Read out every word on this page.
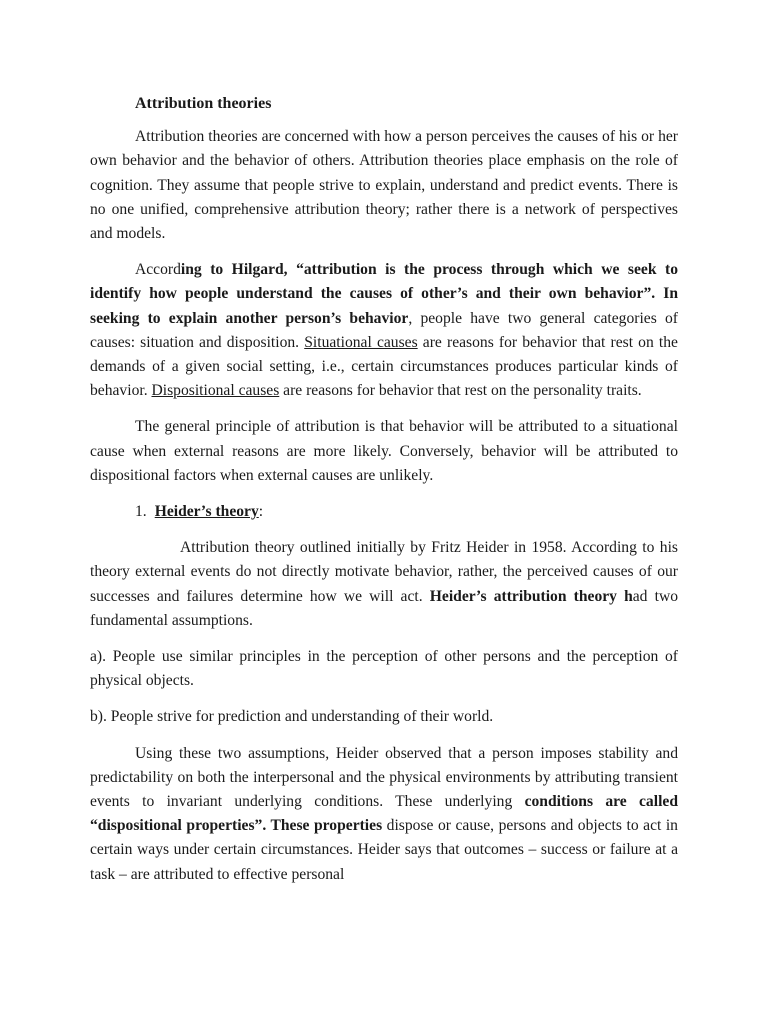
Attribution theories

Attribution theories are concerned with how a person perceives the causes of his or her own behavior and the behavior of others. Attribution theories place emphasis on the role of cognition. They assume that people strive to explain, understand and predict events. There is no one unified, comprehensive attribution theory; rather there is a network of perspectives and models.

According to Hilgard, “attribution is the process through which we seek to identify how people understand the causes of other’s and their own behavior”. In seeking to explain another person’s behavior, people have two general categories of causes: situation and disposition. Situational causes are reasons for behavior that rest on the demands of a given social setting, i.e., certain circumstances produces particular kinds of behavior. Dispositional causes are reasons for behavior that rest on the personality traits.

The general principle of attribution is that behavior will be attributed to a situational cause when external reasons are more likely. Conversely, behavior will be attributed to dispositional factors when external causes are unlikely.

1. Heider’s theory:

Attribution theory outlined initially by Fritz Heider in 1958. According to his theory external events do not directly motivate behavior, rather, the perceived causes of our successes and failures determine how we will act. Heider’s attribution theory had two fundamental assumptions.

a). People use similar principles in the perception of other persons and the perception of physical objects.

b). People strive for prediction and understanding of their world.

Using these two assumptions, Heider observed that a person imposes stability and predictability on both the interpersonal and the physical environments by attributing transient events to invariant underlying conditions. These underlying conditions are called “dispositional properties”. These properties dispose or cause, persons and objects to act in certain ways under certain circumstances. Heider says that outcomes – success or failure at a task – are attributed to effective personal
